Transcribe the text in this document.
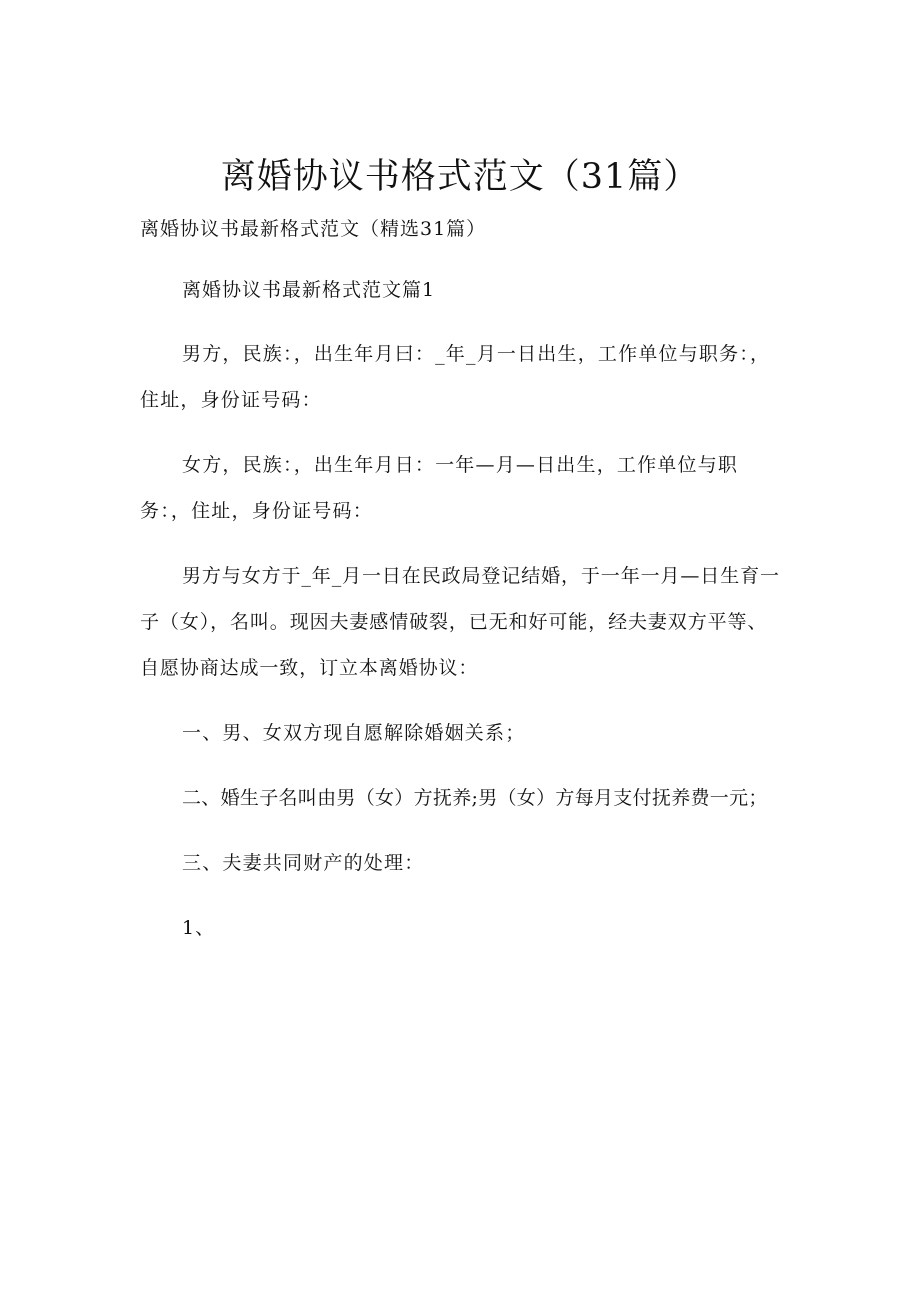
离婚协议书格式范文（31篇）
离婚协议书最新格式范文（精选31篇）
离婚协议书最新格式范文篇1
男方，民族：，出生年月曰：_年_月一日出生，工作单位与职务：，
住址，身份证号码：
女方，民族：，出生年月日：一年—月—日出生，工作单位与职
务：，住址，身份证号码：
男方与女方于_年_月一日在民政局登记结婚，于一年一月—日生育一
子（女），名叫。现因夫妻感情破裂，已无和好可能，经夫妻双方平等、
自愿协商达成一致，订立本离婚协议：
一、男、女双方现自愿解除婚姻关系；
二、婚生子名叫由男（女）方抚养;男（女）方每月支付抚养费一元；
三、夫妻共同财产的处理：
1、
